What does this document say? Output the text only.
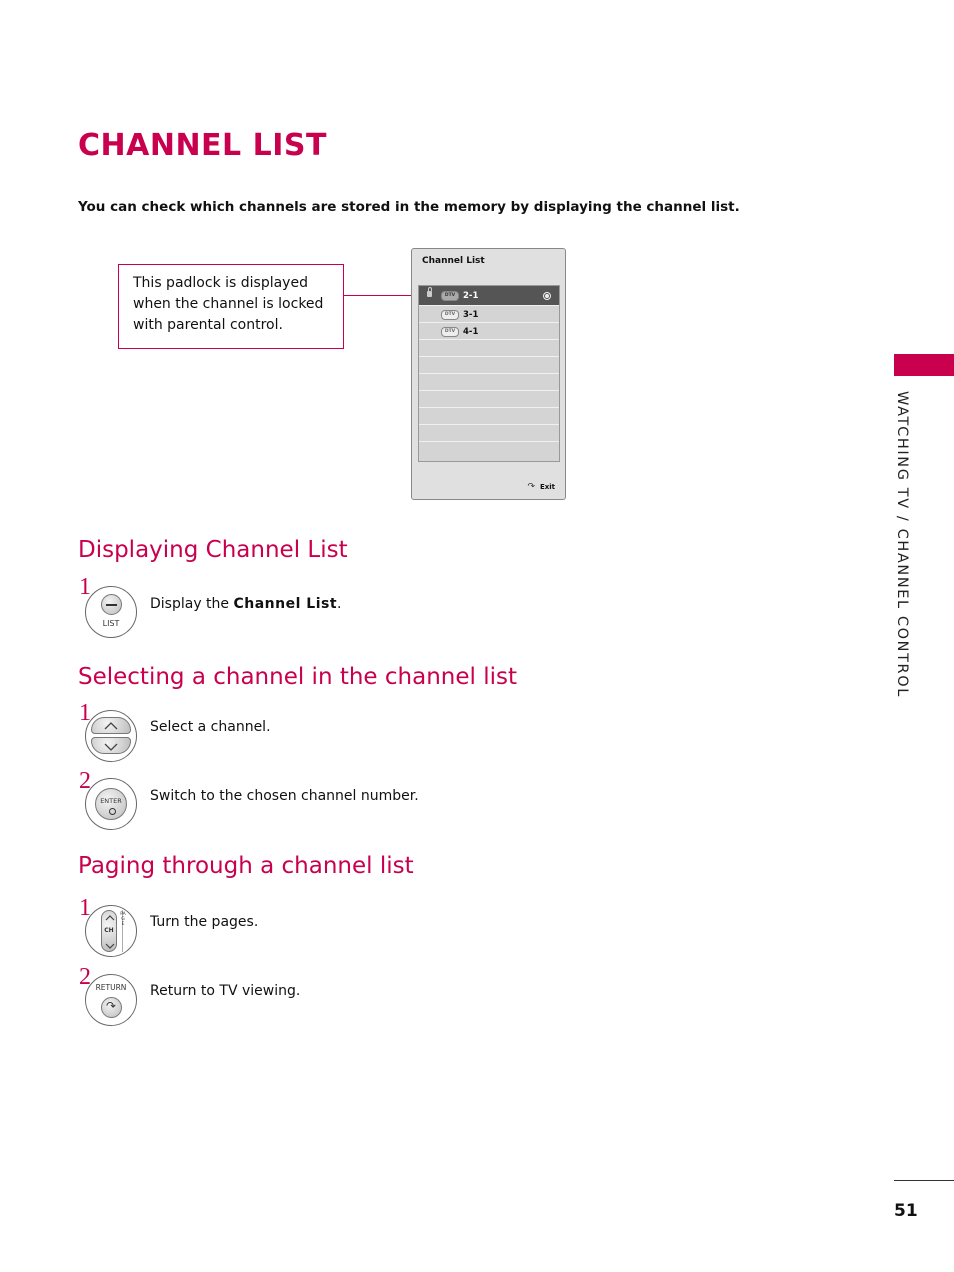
CHANNEL LIST
You can check which channels are stored in the memory by displaying the channel list.
This padlock is displayed
when the channel is locked
with parental control.
Channel List
DTV 2-1
DTV 3-1
DTV 4-1
↷ Exit
Displaying Channel List
1
LIST
Display the Channel List.
Selecting a channel in the channel list
1
Select a channel.
2
ENTER	Switch to the chosen channel number.
Paging through a channel list
1
CH
PAGE Turn the pages.
2 RETURN
↷
Return to TV viewing.
WATCHING TV / CHANNEL CONTROL
51
